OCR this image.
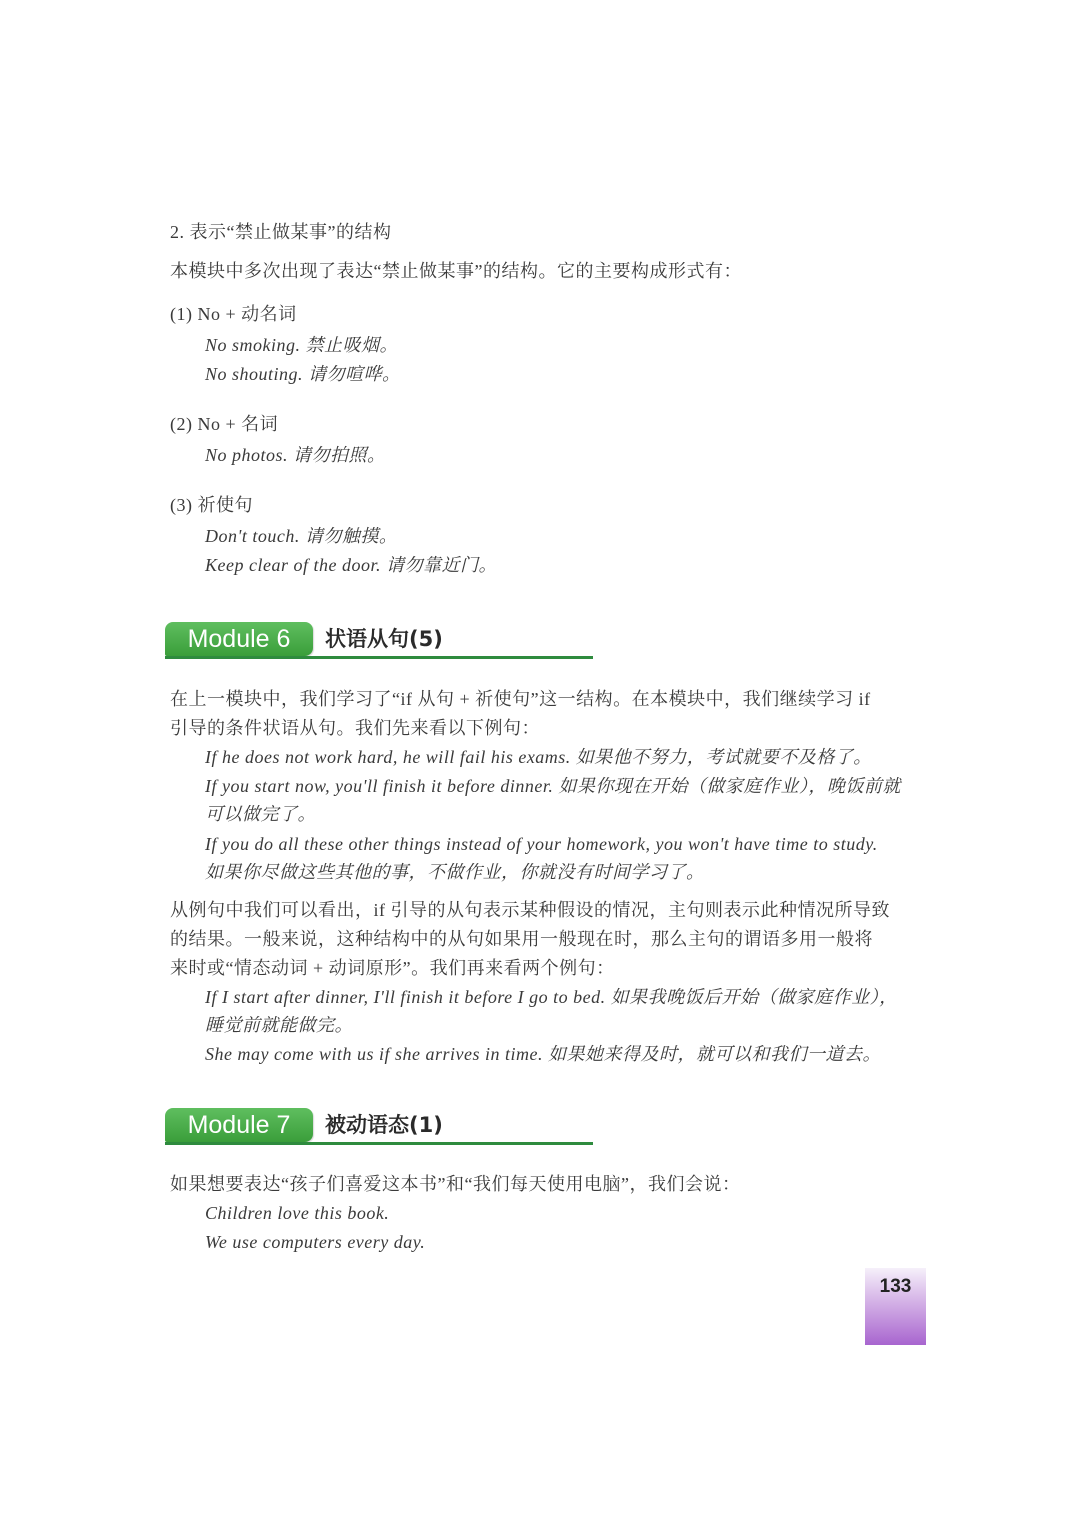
2. 表示“禁止做某事”的结构
本模块中多次出现了表达“禁止做某事”的结构。它的主要构成形式有：
(1) No + 动名词
No smoking. 禁止吸烟。
No shouting. 请勿喧哗。
(2) No + 名词
No photos. 请勿拍照。
(3) 祈使句
Don't touch. 请勿触摸。
Keep clear of the door. 请勿靠近门。
Module 6	状语从句(5)
在上一模块中，我们学习了“if 从句 + 祈使句”这一结构。在本模块中，我们继续学习 if
引导的条件状语从句。我们先来看以下例句：
If he does not work hard, he will fail his exams. 如果他不努力，考试就要不及格了。
If you start now, you'll finish it before dinner. 如果你现在开始（做家庭作业），晚饭前就
可以做完了。
If you do all these other things instead of your homework, you won't have time to study.
如果你尽做这些其他的事，不做作业，你就没有时间学习了。
从例句中我们可以看出，if 引导的从句表示某种假设的情况，主句则表示此种情况所导致
的结果。一般来说，这种结构中的从句如果用一般现在时，那么主句的谓语多用一般将
来时或“情态动词 + 动词原形”。我们再来看两个例句：
If I start after dinner, I'll finish it before I go to bed. 如果我晚饭后开始（做家庭作业），
睡觉前就能做完。
She may come with us if she arrives in time. 如果她来得及时，就可以和我们一道去。
Module 7	被动语态(1)
如果想要表达“孩子们喜爱这本书”和“我们每天使用电脑”，我们会说：
Children love this book.
We use computers every day.
133
